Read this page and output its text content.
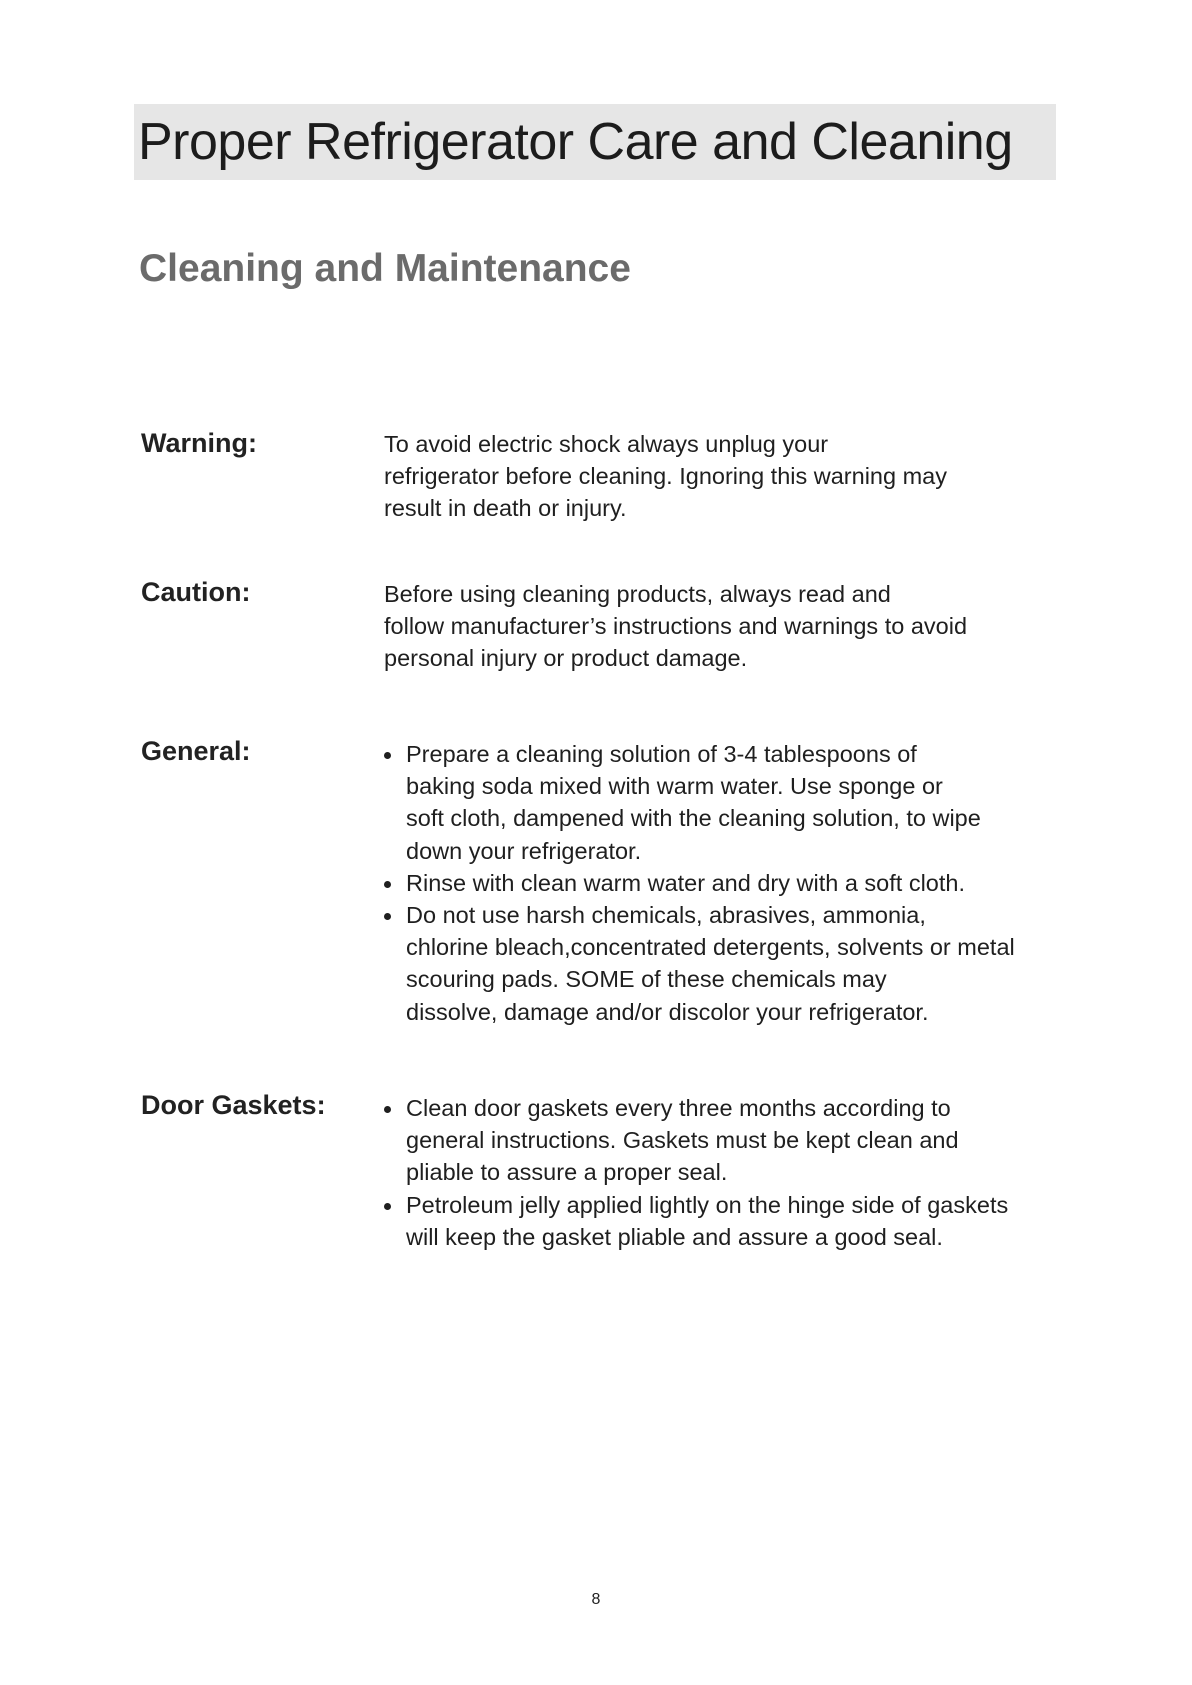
Proper Refrigerator Care and Cleaning
Cleaning and Maintenance
Warning:	To avoid electric shock always unplug your
refrigerator before cleaning. Ignoring this warning may
result in death or injury.

Caution:	Before using cleaning products, always read and
follow manufacturer’s instructions and warnings to avoid
personal injury or product damage.

General:	Prepare a cleaning solution of 3-4 tablespoons of
baking soda mixed with warm water. Use sponge or
soft cloth, dampened with the cleaning solution, to wipe
down your refrigerator.
Rinse with clean warm water and dry with a soft cloth.
Do not use harsh chemicals, abrasives, ammonia,
chlorine bleach,concentrated detergents, solvents or metal
scouring pads. SOME of these chemicals may
dissolve, damage and/or discolor your refrigerator.
Door Gaskets:	Clean door gaskets every three months according to
general instructions. Gaskets must be kept clean and
pliable to assure a proper seal.
Petroleum jelly applied lightly on the hinge side of gaskets
will keep the gasket pliable and assure a good seal.
8
